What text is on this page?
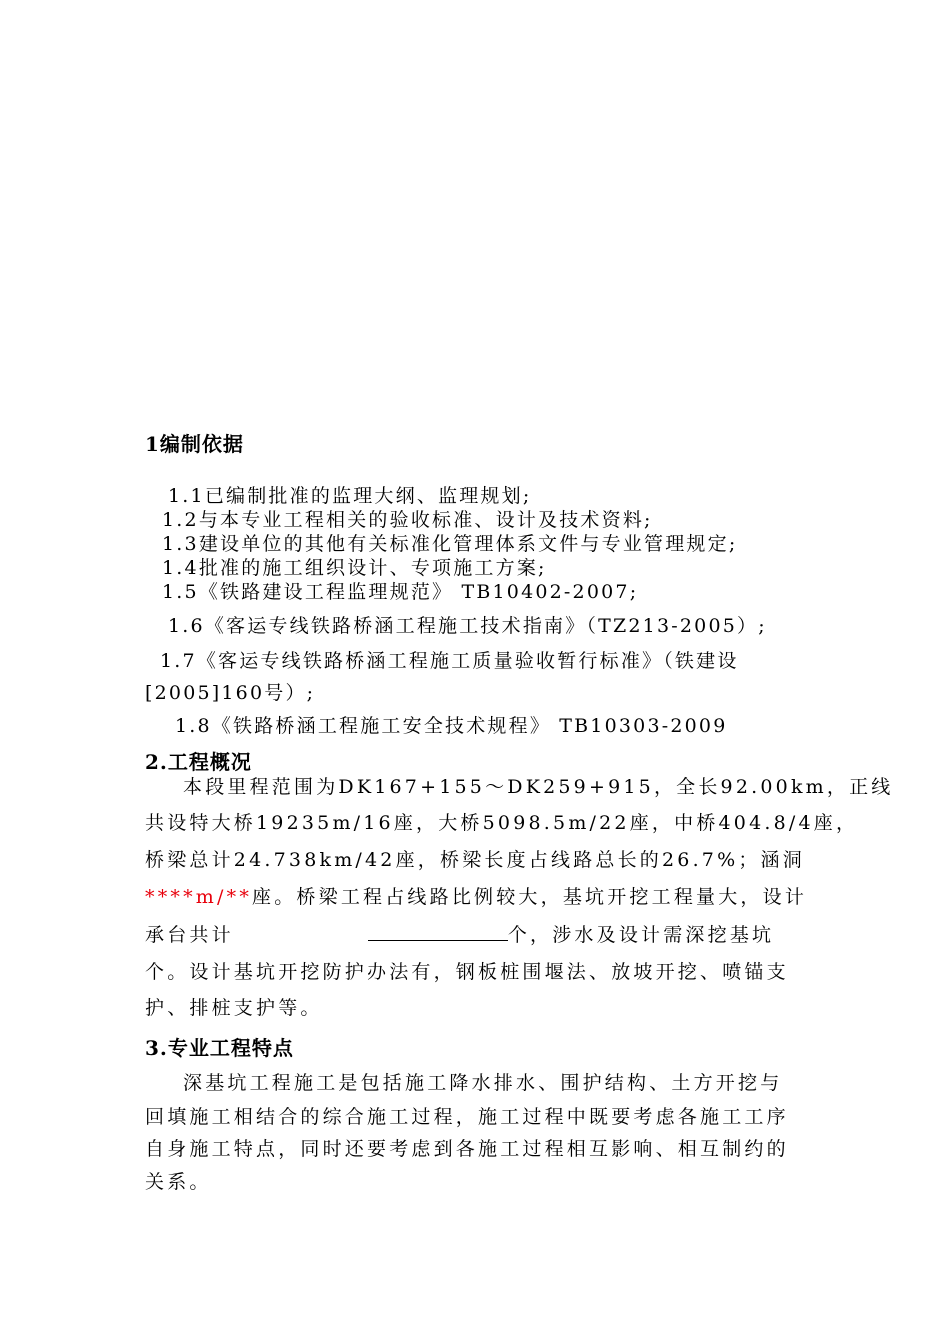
1编制依据
1.1已编制批准的监理大纲、监理规划;
1.2与本专业工程相关的验收标准、设计及技术资料;
1.3建设单位的其他有关标准化管理体系文件与专业管理规定;
1.4批准的施工组织设计、专项施工方案;
1.5《铁路建设工程监理规范》 TB10402-2007;
1.6《客运专线铁路桥涵工程施工技术指南》（TZ213-2005）;
1.7《客运专线铁路桥涵工程施工质量验收暂行标准》（铁建设
[2005]160号）;
1.8《铁路桥涵工程施工安全技术规程》 TB10303-2009
2.工程概况
本段里程范围为DK167+155～DK259+915，全长92.00km，正线
共设特大桥19235m/16座，大桥5098.5m/22座，中桥404.8/4座，
桥梁总计24.738km/42座，桥梁长度占线路总长的26.7%；涵洞
****m/**座。桥梁工程占线路比例较大，基坑开挖工程量大，设计
承台共计	个，涉水及设计需深挖基坑
个。设计基坑开挖防护办法有，钢板桩围堰法、放坡开挖、喷锚支
护、排桩支护等。
3.专业工程特点
深基坑工程施工是包括施工降水排水、围护结构、土方开挖与
回填施工相结合的综合施工过程，施工过程中既要考虑各施工工序
自身施工特点，同时还要考虑到各施工过程相互影响、相互制约的
关系。
